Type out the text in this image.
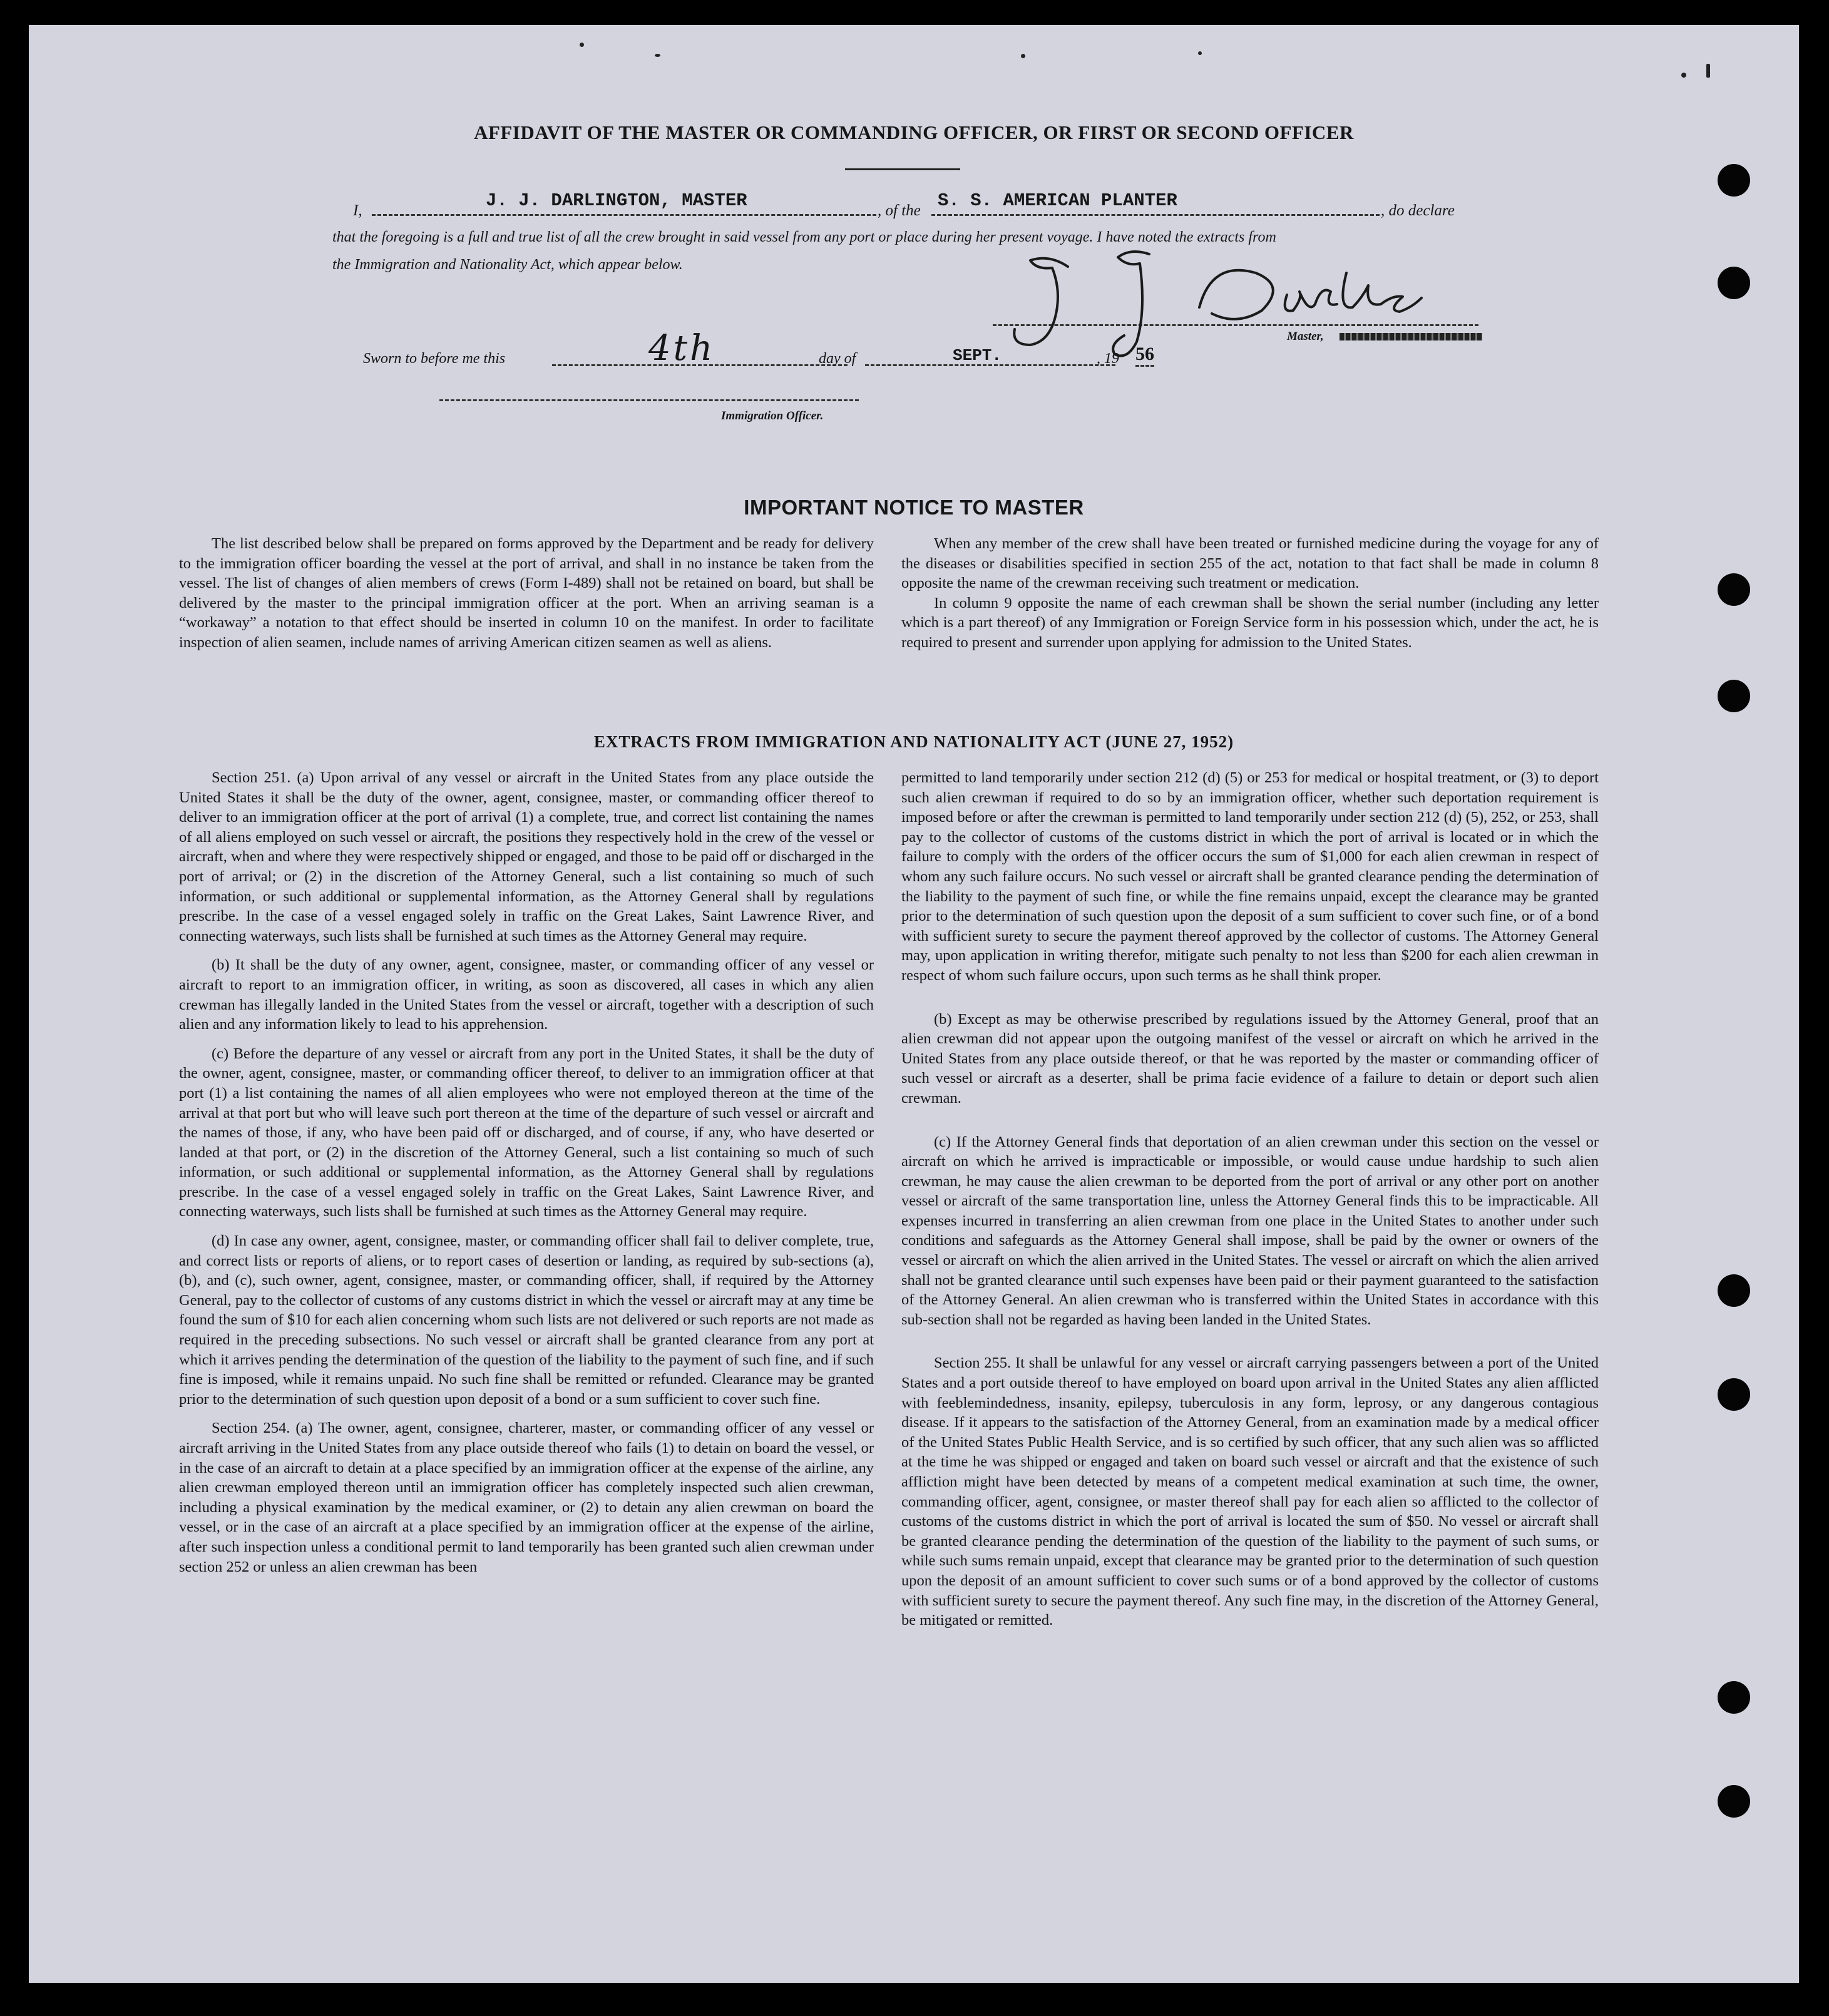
AFFIDAVIT OF THE MASTER OR COMMANDING OFFICER, OR FIRST OR SECOND OFFICER
I,	J. J. DARLINGTON, MASTER	, of the S. S. AMERICAN PLANTER	, do declare
that the foregoing is a full and true list of all the crew brought in said vessel from any port or place during her present voyage. I have noted the extracts from
the Immigration and Nationality Act, which appear below.
Master,
Sworn to before me this	4th	day of	SEPT.	, 19 56
Immigration Officer.
IMPORTANT NOTICE TO MASTER

The list described below shall be prepared on forms approved by the Department and be ready for delivery to the immigration officer boarding the vessel at the port of arrival, and shall in no instance be taken from the vessel. The list of changes of alien members of crews (Form I-489) shall not be retained on board, but shall be delivered by the master to the principal immigration officer at the port. When an arriving seaman is a “workaway” a notation to that effect should be inserted in column 10 on the manifest. In order to facilitate inspection of alien seamen, include names of arriving American citizen seamen as well as aliens.

When any member of the crew shall have been treated or furnished medicine during the voyage for any of the diseases or disabilities specified in section 255 of the act, notation to that fact shall be made in column 8 opposite the name of the crewman receiving such treatment or medication.

In column 9 opposite the name of each crewman shall be shown the serial number (including any letter which is a part thereof) of any Immigration or Foreign Service form in his possession which, under the act, he is required to present and surrender upon applying for admission to the United States.

EXTRACTS FROM IMMIGRATION AND NATIONALITY ACT (JUNE 27, 1952)

Section 251. (a) Upon arrival of any vessel or aircraft in the United States from any place outside the United States it shall be the duty of the owner, agent, consignee, master, or commanding officer thereof to deliver to an immigration officer at the port of arrival (1) a complete, true, and correct list containing the names of all aliens employed on such vessel or aircraft, the positions they respectively hold in the crew of the vessel or aircraft, when and where they were respectively shipped or engaged, and those to be paid off or discharged in the port of arrival; or (2) in the discretion of the Attorney General, such a list containing so much of such information, or such additional or supplemental information, as the Attorney General shall by regulations prescribe. In the case of a vessel engaged solely in traffic on the Great Lakes, Saint Lawrence River, and connecting waterways, such lists shall be furnished at such times as the Attorney General may require.

(b) It shall be the duty of any owner, agent, consignee, master, or commanding officer of any vessel or aircraft to report to an immigration officer, in writing, as soon as discovered, all cases in which any alien crewman has illegally landed in the United States from the vessel or aircraft, together with a description of such alien and any information likely to lead to his apprehension.

(c) Before the departure of any vessel or aircraft from any port in the United States, it shall be the duty of the owner, agent, consignee, master, or commanding officer thereof, to deliver to an immigration officer at that port (1) a list containing the names of all alien employees who were not employed thereon at the time of the arrival at that port but who will leave such port thereon at the time of the departure of such vessel or aircraft and the names of those, if any, who have been paid off or discharged, and of course, if any, who have deserted or landed at that port, or (2) in the discretion of the Attorney General, such a list containing so much of such information, or such additional or supplemental information, as the Attorney General shall by regulations prescribe. In the case of a vessel engaged solely in traffic on the Great Lakes, Saint Lawrence River, and connecting waterways, such lists shall be furnished at such times as the Attorney General may require.

(d) In case any owner, agent, consignee, master, or commanding officer shall fail to deliver complete, true, and correct lists or reports of aliens, or to report cases of desertion or landing, as required by sub-sections (a), (b), and (c), such owner, agent, consignee, master, or commanding officer, shall, if required by the Attorney General, pay to the collector of customs of any customs district in which the vessel or aircraft may at any time be found the sum of $10 for each alien concerning whom such lists are not delivered or such reports are not made as required in the preceding subsections. No such vessel or aircraft shall be granted clearance from any port at which it arrives pending the determination of the question of the liability to the payment of such fine, and if such fine is imposed, while it remains unpaid. No such fine shall be remitted or refunded. Clearance may be granted prior to the determination of such question upon deposit of a bond or a sum sufficient to cover such fine.

Section 254. (a) The owner, agent, consignee, charterer, master, or commanding officer of any vessel or aircraft arriving in the United States from any place outside thereof who fails (1) to detain on board the vessel, or in the case of an aircraft to detain at a place specified by an immigration officer at the expense of the airline, any alien crewman employed thereon until an immigration officer has completely inspected such alien crewman, including a physical examination by the medical examiner, or (2) to detain any alien crewman on board the vessel, or in the case of an aircraft at a place specified by an immigration officer at the expense of the airline, after such inspection unless a conditional permit to land temporarily has been granted such alien crewman under section 252 or unless an alien crewman has been

permitted to land temporarily under section 212 (d) (5) or 253 for medical or hospital treatment, or (3) to deport such alien crewman if required to do so by an immigration officer, whether such deportation requirement is imposed before or after the crewman is permitted to land temporarily under section 212 (d) (5), 252, or 253, shall pay to the collector of customs of the customs district in which the port of arrival is located or in which the failure to comply with the orders of the officer occurs the sum of $1,000 for each alien crewman in respect of whom any such failure occurs. No such vessel or aircraft shall be granted clearance pending the determination of the liability to the payment of such fine, or while the fine remains unpaid, except the clearance may be granted prior to the determination of such question upon the deposit of a sum sufficient to cover such fine, or of a bond with sufficient surety to secure the payment thereof approved by the collector of customs. The Attorney General may, upon application in writing therefor, mitigate such penalty to not less than $200 for each alien crewman in respect of whom such failure occurs, upon such terms as he shall think proper.

(b) Except as may be otherwise prescribed by regulations issued by the Attorney General, proof that an alien crewman did not appear upon the outgoing manifest of the vessel or aircraft on which he arrived in the United States from any place outside thereof, or that he was reported by the master or commanding officer of such vessel or aircraft as a deserter, shall be prima facie evidence of a failure to detain or deport such alien crewman.

(c) If the Attorney General finds that deportation of an alien crewman under this section on the vessel or aircraft on which he arrived is impracticable or impossible, or would cause undue hardship to such alien crewman, he may cause the alien crewman to be deported from the port of arrival or any other port on another vessel or aircraft of the same transportation line, unless the Attorney General finds this to be impracticable. All expenses incurred in transferring an alien crewman from one place in the United States to another under such conditions and safeguards as the Attorney General shall impose, shall be paid by the owner or owners of the vessel or aircraft on which the alien arrived in the United States. The vessel or aircraft on which the alien arrived shall not be granted clearance until such expenses have been paid or their payment guaranteed to the satisfaction of the Attorney General. An alien crewman who is transferred within the United States in accordance with this sub-section shall not be regarded as having been landed in the United States.

Section 255. It shall be unlawful for any vessel or aircraft carrying passengers between a port of the United States and a port outside thereof to have employed on board upon arrival in the United States any alien afflicted with feeblemindedness, insanity, epilepsy, tuberculosis in any form, leprosy, or any dangerous contagious disease. If it appears to the satisfaction of the Attorney General, from an examination made by a medical officer of the United States Public Health Service, and is so certified by such officer, that any such alien was so afflicted at the time he was shipped or engaged and taken on board such vessel or aircraft and that the existence of such affliction might have been detected by means of a competent medical examination at such time, the owner, commanding officer, agent, consignee, or master thereof shall pay for each alien so afflicted to the collector of customs of the customs district in which the port of arrival is located the sum of $50. No vessel or aircraft shall be granted clearance pending the determination of the question of the liability to the payment of such sums, or while such sums remain unpaid, except that clearance may be granted prior to the determination of such question upon the deposit of an amount sufficient to cover such sums or of a bond approved by the collector of customs with sufficient surety to secure the payment thereof. Any such fine may, in the discretion of the Attorney General, be mitigated or remitted.
